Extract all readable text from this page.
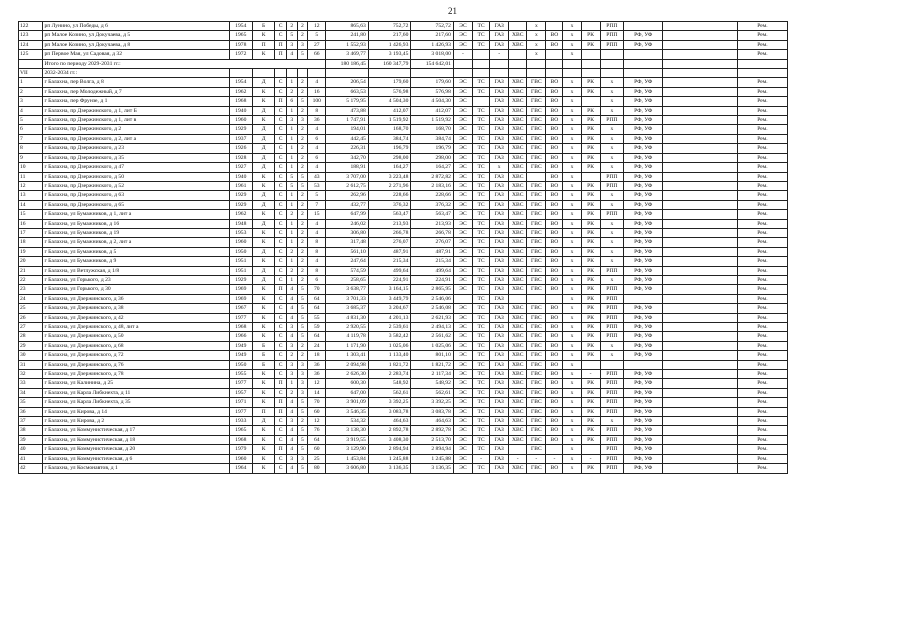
21
122	рп Лунино, ул Победы, д 6	1954	Б	С	2	2	12	865,63	752,72	752,72	ЭС	ТС	ГАЗ		х		х		РПП			Рем.
123	рп Малое Козино, ул Докучаева, д 5	1965	К	С	5	2	5	241,80	217,60	217,60	ЭС	ТС	ГАЗ	ХВС	х	ВО	х	РК	РПП	РФ, УФ		Рем.
124	рп Малое Козино, ул Докучаева, д 8	1978	П	П	3	3	27	1 552,93	1 426,93	1 426,93	ЭС	ТС	ГАЗ	ХВС	х	ВО	х	РК	РПП	РФ, УФ		Рем.
125	рп Первое Мая, ул Садовая, д 32	1972	К	П	4	5	66	3 469,77	3 193,45	3 018,00	-		-		х		х					Рем.
	Итого по периоду 2029-2031 гг.:							180 186,45	160 347,79	154 642,01												
VII	2032-2034 гг.:																					
1	г Балахна, пер Волга, д 8	1954	Д	С	1	2	4	206,54	179,60	179,60	ЭС	ТС	ГАЗ	ХВС	ГВС	ВО	х	РК	х	РФ, УФ		Рем.
2	г Балахна, пер Молодежный, д 7	1962	К	С	2	2	16	663,53	576,98	576,98	ЭС	ТС	ГАЗ	ХВС	ГВС	ВО	х	РК	х	РФ, УФ		Рем.
3	г Балахна, пер Фрунзе, д 1	1968	К	П	6	5	100	5 179,95	4 504,30	4 504,30	ЭС		ГАЗ	ХВС	ГВС	ВО	х		х	РФ, УФ		Рем.
4	г Балахна, пр Дзержинского, д 1, лит Б	1940	Д	С	1	2	8	473,88	412,07	412,07	ЭС	ТС	ГАЗ	ХВС	ГВС	ВО	х	РК	х	РФ, УФ		Рем.
5	г Балахна, пр Дзержинского, д 1, лит в	1960	К	С	3	3	36	1 747,91	1 519,92	1 519,92	ЭС	ТС	ГАЗ	ХВС	ГВС	ВО	х	РК	РПП	РФ, УФ		Рем.
6	г Балахна, пр Дзержинского, д 2	1929	Д	С	1	2	4	194,01	168,70	168,70	ЭС	ТС	ГАЗ	ХВС	ГВС	ВО	х	РК	х	РФ, УФ		Рем.
7	г Балахна, пр Дзержинского, д 2, лит а	1937	Д	С	1	2	6	442,45	384,74	384,74	ЭС	ТС	ГАЗ	ХВС	ГВС	ВО	х	РК	х	РФ, УФ		Рем.
8	г Балахна, пр Дзержинского, д 23	1926	Д	С	1	2	4	226,31	196,79	196,79	ЭС	ТС	ГАЗ	ХВС	ГВС	ВО	х	РК	х	РФ, УФ		Рем.
9	г Балахна, пр Дзержинского, д 35	1928	Д	С	1	2	6	342,70	298,00	298,00	ЭС	ТС	ГАЗ	ХВС	ГВС	ВО	х	РК	х	РФ, УФ		Рем.
10	г Балахна, пр Дзержинского, д 47	1927	Д	С	1	2	4	188,91	164,27	164,27	ЭС	ТС	х	ХВС	ГВС	ВО	х	РК	х	РФ, УФ		Рем.
11	г Балахна, пр Дзержинского, д 50	1940	К	С	5	5	43	3 707,00	3 223,48	2 872,82	ЭС	ТС	ГАЗ	ХВС		ВО	х		РПП	РФ, УФ		Рем.
12	г Балахна, пр Дзержинского, д 52	1961	К	С	5	5	53	2 612,75	2 271,96	2 183,16	ЭС	ТС	ГАЗ	ХВС	ГВС	ВО	х	РК	РПП	РФ, УФ		Рем.
13	г Балахна, пр Дзержинского, д 63	1929	Д	С	1	2	5	262,96	228,66	228,66	ЭС	ТС	ГАЗ	ХВС	ГВС	ВО	х	РК	х	РФ, УФ		Рем.
14	г Балахна, пр Дзержинского, д 65	1929	Д	С	1	2	7	432,77	376,32	376,32	ЭС	ТС	ГАЗ	ХВС	ГВС	ВО	х	РК	х	РФ, УФ		Рем.
15	г Балахна, ул Бумажников, д 1, лит а	1962	К	С	2	2	15	647,99	563,47	563,47	ЭС	ТС	ГАЗ	ХВС	ГВС	ВО	х	РК	РПП	РФ, УФ		Рем.
16	г Балахна, ул Бумажников, д 16	1948	Д	С	1	2	4	246,02	213,93	213,93	ЭС	ТС	ГАЗ	ХВС	ГВС	ВО	х	РК	х	РФ, УФ		Рем.
17	г Балахна, ул Бумажников, д 19	1953	К	С	1	2	4	306,80	266,78	266,78	ЭС	ТС	ГАЗ	ХВС	ГВС	ВО	х	РК	х	РФ, УФ		Рем.
18	г Балахна, ул Бумажников, д 2, лит а	1960	К	С	1	2	8	317,48	276,07	276,07	ЭС	ТС	ГАЗ	ХВС	ГВС	ВО	х	РК	х	РФ, УФ		Рем.
19	г Балахна, ул Бумажников, д 5	1950	Д	С	2	2	8	561,10	487,91	487,91	ЭС	ТС	ГАЗ	ХВС	ГВС	ВО	х	РК	х	РФ, УФ		Рем.
20	г Балахна, ул Бумажников, д 9	1951	К	С	1	2	4	247,64	215,34	215,34	ЭС	ТС	ГАЗ	ХВС	ГВС	ВО	х	РК	х	РФ, УФ		Рем.
21	г Балахна, ул Ветлужская, д 1/8	1951	Д	С	2	2	8	574,59	499,64	499,64	ЭС	ТС	ГАЗ	ХВС	ГВС	ВО	х	РК	РПП	РФ, УФ		Рем.
22	г Балахна, ул Горького, д 23	1929	Д	С	1	2	6	258,65	224,91	224,91	ЭС	ТС	ГАЗ	ХВС	ГВС	ВО	х	РК	х	РФ, УФ		Рем.
23	г Балахна, ул Горького, д 30	1969	К	П	4	5	70	3 638,77	3 164,15	2 865,95	ЭС	ТС	ГАЗ	ХВС	ГВС	ВО	х	РК	РПП	РФ, УФ		Рем.
24	г Балахна, ул Дзержинского, д 36	1969	К	С	4	5	64	3 701,33	3 449,79	2 546,06		ТС	ГАЗ				х	РК	РПП			Рем.
25	г Балахна, ул Дзержинского, д 38	1967	К	С	4	5	64	3 685,37	3 204,67	2 546,08	ЭС	ТС	ГАЗ	ХВС	ГВС	ВО	х	РК	РПП	РФ, УФ		Рем.
26	г Балахна, ул Дзержинского, д 42	1977	К	С	4	5	55	4 831,30	4 201,13	2 621,93	ЭС	ТС	ГАЗ	ХВС	ГВС	ВО	х	РК	РПП	РФ, УФ		Рем.
27	г Балахна, ул Дзержинского, д 48, лит а	1968	К	С	3	5	59	2 920,55	2 539,61	2 494,13	ЭС	ТС	ГАЗ	ХВС	ГВС	ВО	х	РК	РПП	РФ, УФ		Рем.
28	г Балахна, ул Дзержинского, д 50	1966	К	С	4	5	64	4 119,78	3 582,42	2 561,62	ЭС	ТС	ГАЗ	ХВС	ГВС	ВО	х	РК	РПП	РФ, УФ		Рем.
29	г Балахна, ул Дзержинского, д 68	1949	Б	С	3	2	24	1 171,90	1 025,06	1 025,06	ЭС	ТС	ГАЗ	ХВС	ГВС	ВО	х	РК	х	РФ, УФ		Рем.
30	г Балахна, ул Дзержинского, д 72	1949	Б	С	2	2	18	1 303,41	1 133,40	801,10	ЭС	ТС	ГАЗ	ХВС	ГВС	ВО	х	РК	х	РФ, УФ		Рем.
31	г Балахна, ул Дзержинского, д 76	1950	Б	С	3	3	36	2 094,98	1 821,72	1 821,72	ЭС	ТС	ГАЗ	ХВС	ГВС	ВО	х					Рем.
32	г Балахна, ул Дзержинского, д 78	1955	К	С	3	3	36	2 626,30	2 283,74	2 117,34	ЭС	ТС	ГАЗ	ХВС	ГВС	ВО	х	-	РПП	РФ, УФ		Рем.
33	г Балахна, ул Калинина, д 25	1977	К	П	1	3	12	600,30	548,92	548,92	ЭС	ТС	ГАЗ	ХВС	ГВС	ВО	х	РК	РПП	РФ, УФ		Рем.
34	г Балахна, ул Карла Либкнехта, д 11	1957	К	С	2	3	14	647,00	562,61	562,61	ЭС	ТС	ГАЗ	ХВС	ГВС	ВО	х	РК	РПП	РФ, УФ		Рем.
35	г Балахна, ул Карла Либкнехта, д 35	1971	К	П	4	5	70	3 901,09	3 392,25	3 392,25	ЭС	ТС	ГАЗ	ХВС	ГВС	ВО	х	РК	РПП	РФ, УФ		Рем.
36	г Балахна, ул Кирова, д 14	1977	П	П	4	5	60	3 546,35	3 083,78	3 083,78	ЭС	ТС	ГАЗ	ХВС	ГВС	ВО	х	РК	РПП	РФ, УФ		Рем.
37	г Балахна, ул Кирова, д 2	1933	Д	С	3	2	12	534,32	464,63	464,63	ЭС	ТС	ГАЗ	ХВС	ГВС	ВО	х	РК	х	РФ, УФ		Рем.
38	г Балахна, ул Коммунистическая, д 17	1965	К	С	4	5	76	3 138,30	2 892,78	2 892,78	ЭС	ТС	ГАЗ	ХВС	ГВС	ВО	х	РК	РПП	РФ, УФ		Рем.
39	г Балахна, ул Коммунистическая, д 18	1968	К	С	4	5	64	3 919,55	3 408,30	2 513,70	ЭС	ТС	ГАЗ	ХВС	ГВС	ВО	х	РК	РПП	РФ, УФ		Рем.
40	г Балахна, ул Коммунистическая, д 20	1979	К	П	4	5	60	3 129,90	2 894,94	2 894,94	ЭС	ТС	ГАЗ		ГВС		х		РПП	РФ, УФ		Рем.
41	г Балахна, ул Коммунистическая, д 6	1960	К	С	3	3	25	1 453,84	1 245,88	1 245,88	ЭС	-	ГАЗ	-	-	-	х	-	РПП	РФ, УФ		Рем.
42	г Балахна, ул Космонавтов, д 1	1964	К	С	4	5	80	3 606,80	3 136,35	3 136,35	ЭС	ТС	ГАЗ	ХВС	ГВС	ВО	х	РК	РПП	РФ, УФ		Рем.
